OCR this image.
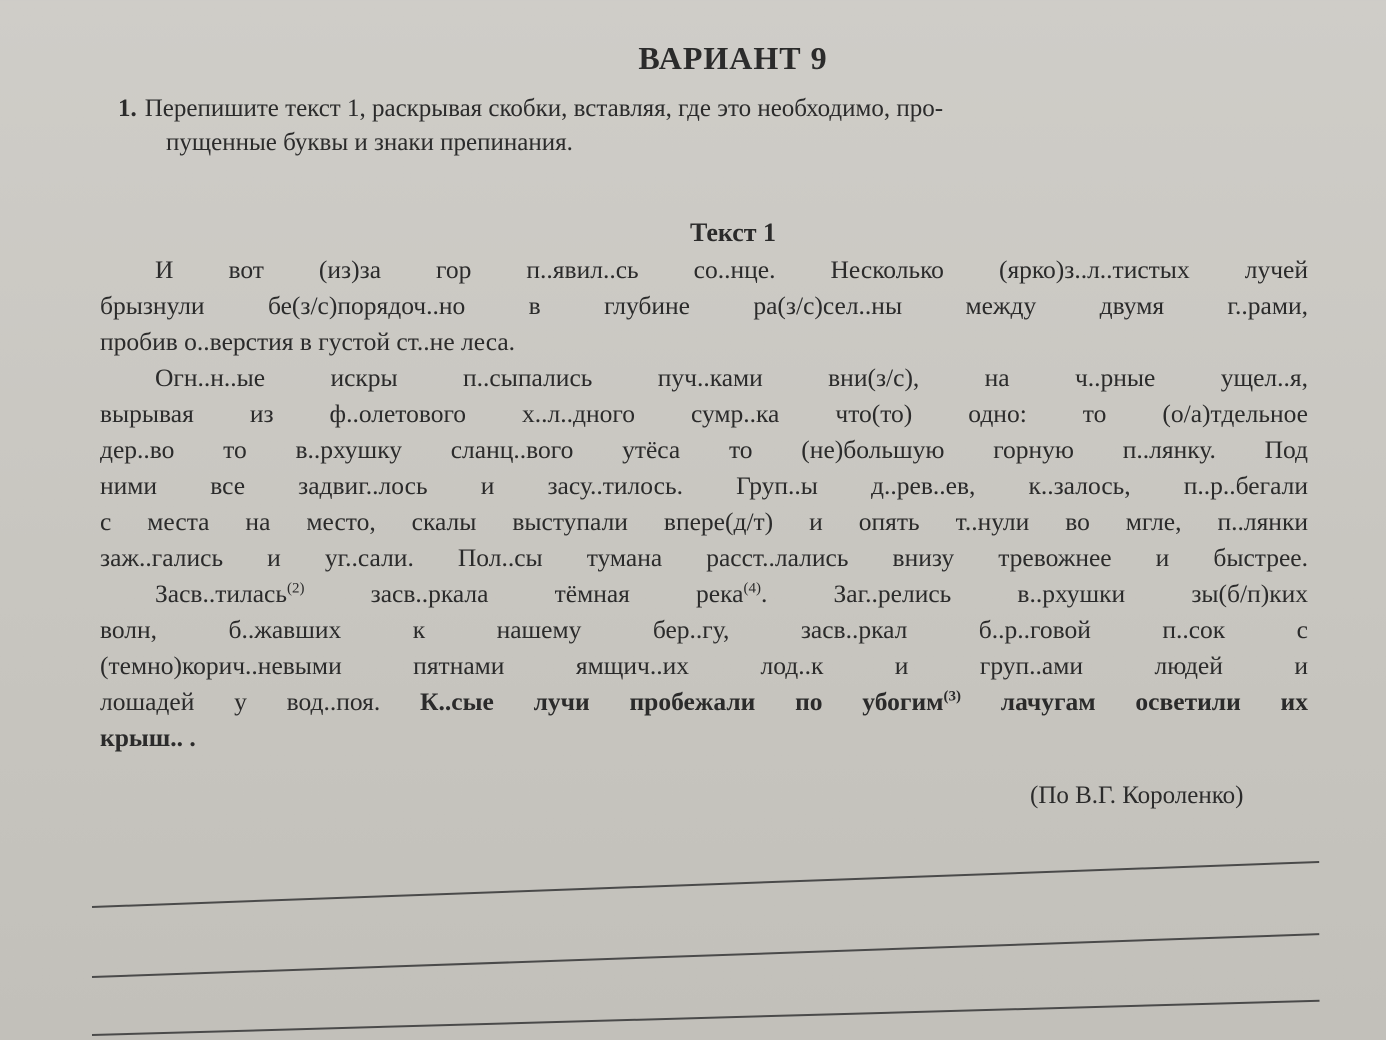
ВАРИАНТ 9
1. Перепишите текст 1, раскрывая скобки, вставляя, где это необходимо, про-
пущенные буквы и знаки препинания.
Текст 1
И вот (из)за гор п..явил..сь со..нце. Несколько (ярко)з..л..тистых лучей
брызнули бе(з/с)порядоч..но в глубине ра(з/с)сел..ны между двумя г..рами,
пробив о..верстия в густой ст..не леса.
Огн..н..ые искры п..сыпались пуч..ками вни(з/с), на ч..рные ущел..я,
вырывая из ф..олетового х..л..дного сумр..ка что(то) одно: то (о/а)тдельное
дер..во то в..рхушку сланц..вого утёса то (не)большую горную п..лянку. Под
ними все задвиг..лось и засу..тилось. Груп..ы д..рев..ев, к..залось, п..р..бегали
с места на место, скалы выступали впере(д/т) и опять т..нули во мгле, п..лянки
заж..гались и уг..сали. Пол..сы тумана расст..лались внизу тревожнее и быстрее.
Засв..тилась$^{(2)}$ засв..ркала тёмная река$^{(4)}$. Заг..релись в..рхушки зы(б/п)ких
волн, б..жавших к нашему бер..гу, засв..ркал б..р..говой п..сок с
(темно)корич..невыми пятнами ямщич..их лод..к и груп..ами людей и
лошадей у вод..поя. К..сые лучи пробежали по убогим$^{(3)}$ лачугам осветили их
крыш.. .
(По В.Г. Короленко)
